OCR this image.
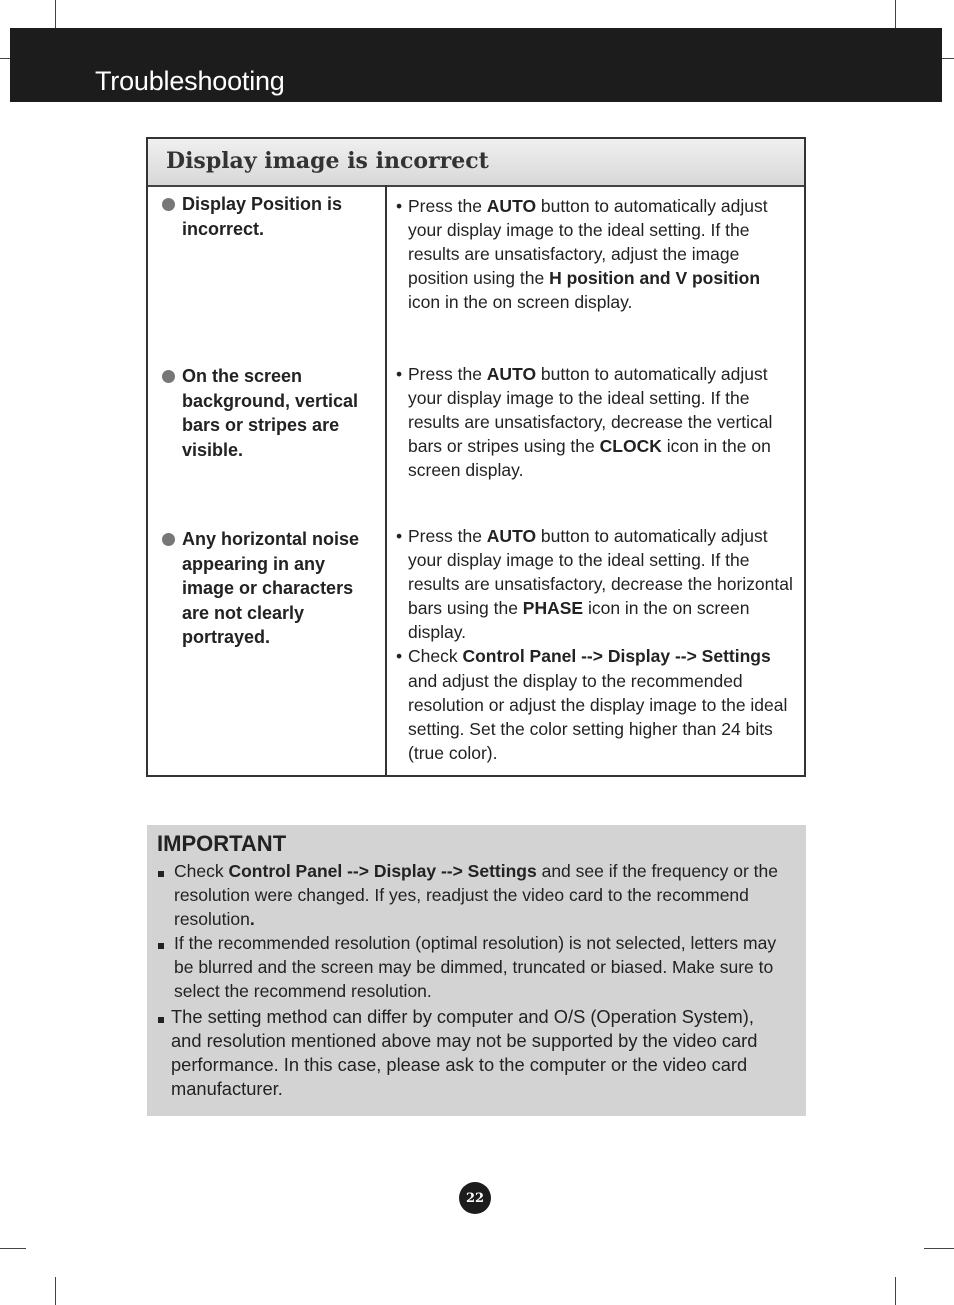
Troubleshooting
Display image is incorrect
Display Position is incorrect.
• Press the AUTO button to automatically adjust your display image to the ideal setting. If the results are unsatisfactory, adjust the image position using the H position and V position icon in the on screen display.
On the screen background, vertical bars or stripes are visible.
• Press the AUTO button to automatically adjust your display image to the ideal setting. If the results are unsatisfactory, decrease the vertical bars or stripes using the CLOCK icon in the on screen display.
Any horizontal noise appearing in any image or characters are not clearly portrayed.
• Press the AUTO button to automatically adjust your display image to the ideal setting. If the results are unsatisfactory, decrease the horizontal bars using the PHASE icon in the on screen display.
• Check Control Panel --> Display --> Settings and adjust the display to the recommended resolution or adjust the display image to the ideal setting. Set the color setting higher than 24 bits (true color).
IMPORTANT
Check Control Panel --> Display --> Settings and see if the frequency or the resolution were changed. If yes, readjust the video card to the recommend resolution.
If the recommended resolution (optimal resolution) is not selected, letters may be blurred and the screen may be dimmed, truncated or biased. Make sure to select the recommend resolution.
The setting method can differ by computer and O/S (Operation System), and resolution mentioned above may not be supported by the video card performance. In this case, please ask to the computer or the video card manufacturer.
22
